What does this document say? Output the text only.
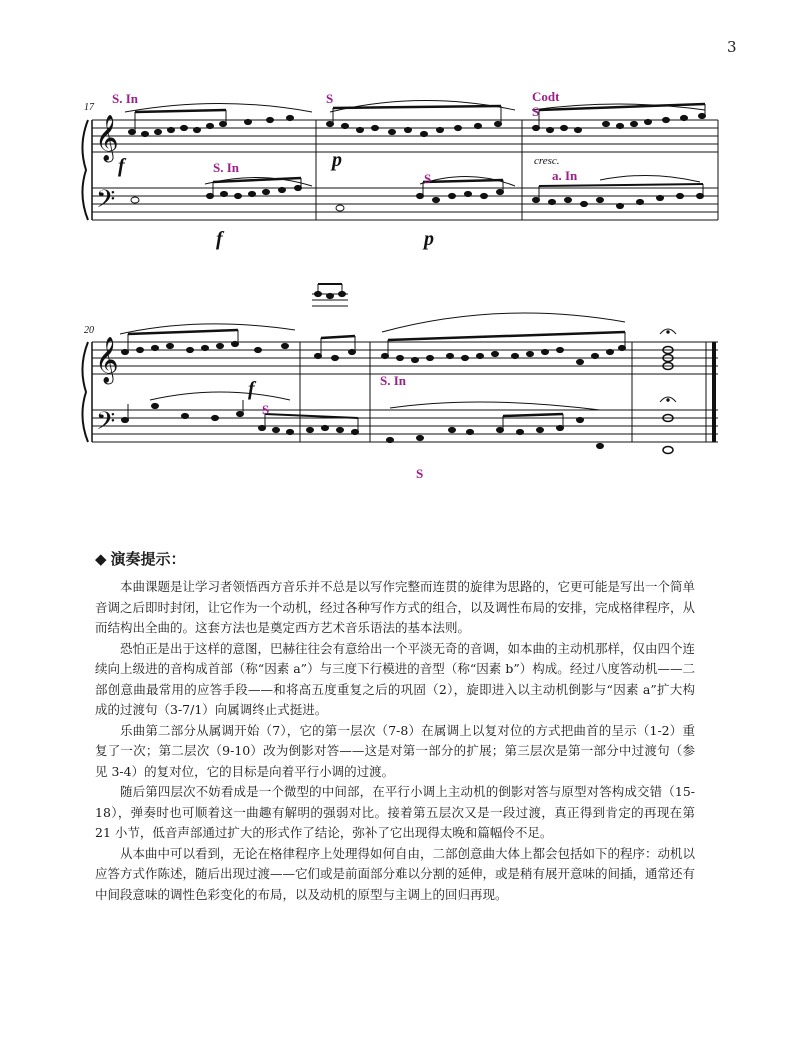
3
𝄞
𝄢
𝄞
𝄢
17
20
S. In	S	Codt
S
S. In
S	a. In
S. In
S
S
f	p	cresc.
f	p
f
◆ 演奏提示：

本曲课题是让学习者领悟西方音乐并不总是以写作完整而连贯的旋律为思路的，它更可能是写出一个简单音调之后即时封闭，让它作为一个动机，经过各种写作方式的组合，以及调性布局的安排，完成格律程序，从而结构出全曲的。这套方法也是奠定西方艺术音乐语法的基本法则。

恐怕正是出于这样的意图，巴赫往往会有意给出一个平淡无奇的音调，如本曲的主动机那样，仅由四个连续向上级进的音构成首部（称“因素 a”）与三度下行模进的音型（称“因素 b”）构成。经过八度答动机——二部创意曲最常用的应答手段——和将高五度重复之后的巩固（2），旋即进入以主动机倒影与“因素 a”扩大构成的过渡句（3-7/1）向属调终止式挺进。

乐曲第二部分从属调开始（7），它的第一层次（7-8）在属调上以复对位的方式把曲首的呈示（1-2）重复了一次；第二层次（9-10）改为倒影对答——这是对第一部分的扩展；第三层次是第一部分中过渡句（参见 3-4）的复对位，它的目标是向着平行小调的过渡。

随后第四层次不妨看成是一个微型的中间部，在平行小调上主动机的倒影对答与原型对答构成交错（15-18），弹奏时也可顺着这一曲趣有解明的强弱对比。接着第五层次又是一段过渡，真正得到肯定的再现在第 21 小节，低音声部通过扩大的形式作了结论，弥补了它出现得太晚和篇幅伶不足。

从本曲中可以看到，无论在格律程序上处理得如何自由，二部创意曲大体上都会包括如下的程序：动机以应答方式作陈述，随后出现过渡——它们或是前面部分难以分割的延伸，或是稍有展开意味的间插，通常还有中间段意味的调性色彩变化的布局，以及动机的原型与主调上的回归再现。
